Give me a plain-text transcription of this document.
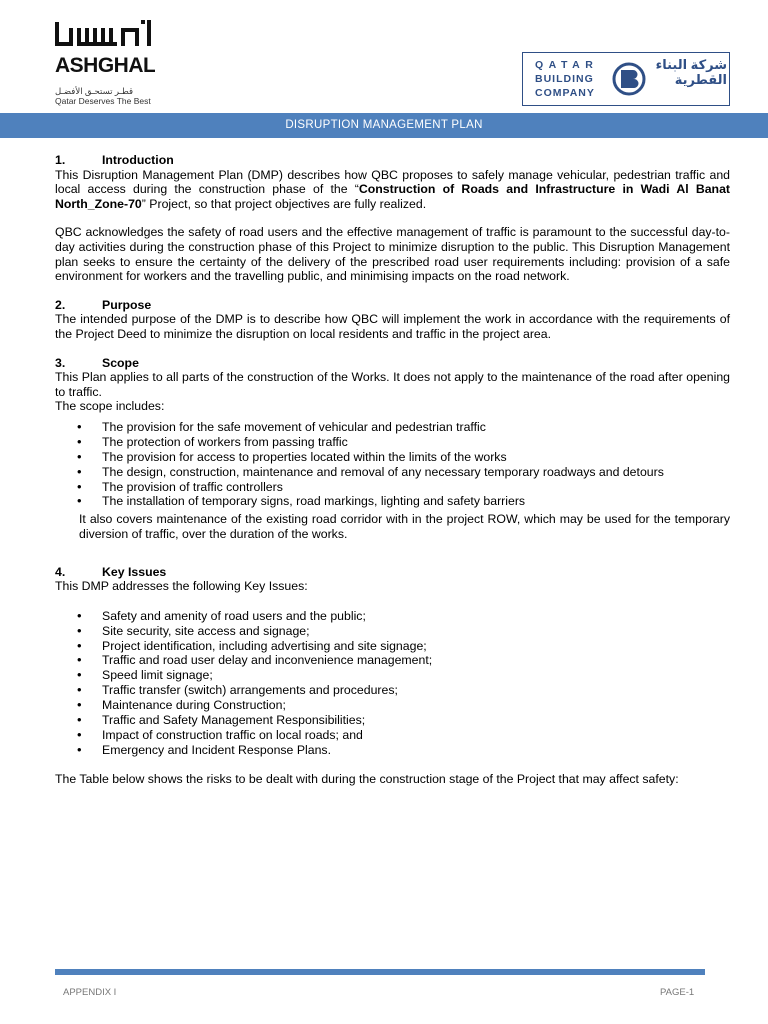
ASHGHAL
قطـر تستحـق الأفضـل
Qatar Deserves The Best
QATAR
BUILDING
COMPANY
شركة البناء القطرية
DISRUPTION MANAGEMENT PLAN
1.	Introduction

This Disruption Management Plan (DMP) describes how QBC proposes to safely manage vehicular, pedestrian traffic and local access during the construction phase of the “Construction of Roads and Infrastructure in Wadi Al Banat North_Zone-70” Project, so that project objectives are fully realized.

QBC acknowledges the safety of road users and the effective management of traffic is paramount to the successful day-to-day activities during the construction phase of this Project to minimize disruption to the public. This Disruption Management plan seeks to ensure the certainty of the delivery of the prescribed road user requirements including: provision of a safe environment for workers and the travelling public, and minimising impacts on the road network.

2.	Purpose

The intended purpose of the DMP is to describe how QBC will implement the work in accordance with the requirements of the Project Deed to minimize the disruption on local residents and traffic in the project area.

3.	Scope

This Plan applies to all parts of the construction of the Works. It does not apply to the maintenance of the road after opening to traffic.

The scope includes:

• The provision for the safe movement of vehicular and pedestrian traffic
• The protection of workers from passing traffic
• The provision for access to properties located within the limits of the works
• The design, construction, maintenance and removal of any necessary temporary roadways and detours
• The provision of traffic controllers
• The installation of temporary signs, road markings, lighting and safety barriers

It also covers maintenance of the existing road corridor with in the project ROW, which may be used for the temporary diversion of traffic, over the duration of the works.

4.	Key Issues

This DMP addresses the following Key Issues:

• Safety and amenity of road users and the public;
• Site security, site access and signage;
• Project identification, including advertising and site signage;
• Traffic and road user delay and inconvenience management;
• Speed limit signage;
• Traffic transfer (switch) arrangements and procedures;
• Maintenance during Construction;
• Traffic and Safety Management Responsibilities;
• Impact of construction traffic on local roads; and
• Emergency and Incident Response Plans.

The Table below shows the risks to be dealt with during the construction stage of the Project that may affect safety:

APPENDIX I	PAGE-1
